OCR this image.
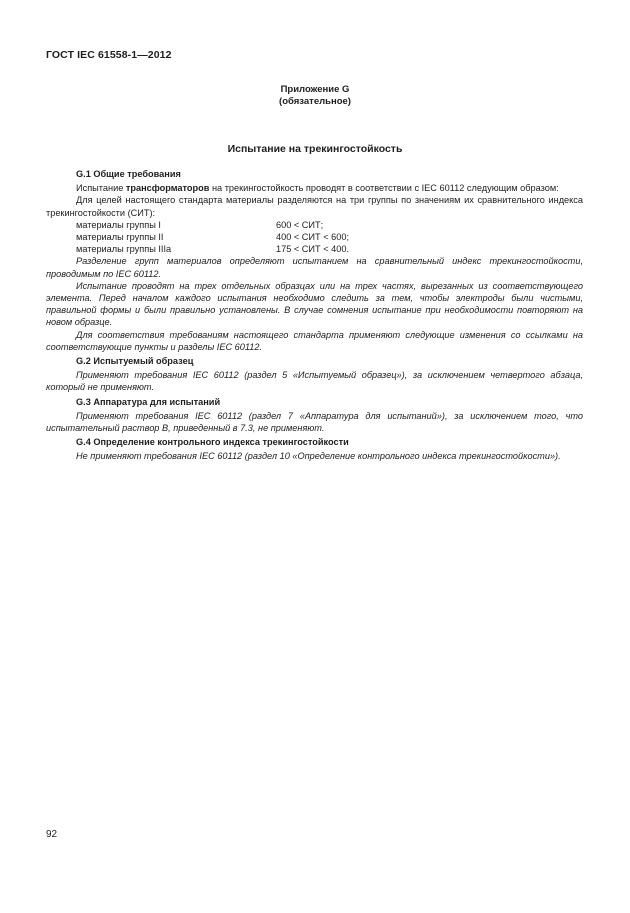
ГОСТ IEC 61558-1—2012
Приложение G
(обязательное)
Испытание на трекингостойкость
G.1 Общие требования

Испытание трансформаторов на трекингостойкость проводят в соответствии с IEC 60112 следующим образом:

Для целей настоящего стандарта материалы разделяются на три группы по значениям их сравнительного индекса трекингостойкости (СИТ):

материалы группы I	600 < СИТ;
материалы группы II	400 < СИТ < 600;
материалы группы IIIа	175 < СИТ < 400.

Разделение групп материалов определяют испытанием на сравнительный индекс трекингостойкости, проводимым по IEC 60112.

Испытание проводят на трех отдельных образцах или на трех частях, вырезанных из соответствующего элемента. Перед началом каждого испытания необходимо следить за тем, чтобы электроды были чистыми, правильной формы и были правильно установлены. В случае сомнения испытание при необходимости повторяют на новом образце.

Для соответствия требованиям настоящего стандарта применяют следующие изменения со ссылками на соответствующие пункты и разделы IEC 60112.

G.2 Испытуемый образец

Применяют требования IEC 60112 (раздел 5 «Испытуемый образец»), за исключением четвертого абзаца, который не применяют.

G.3 Аппаратура для испытаний

Применяют требования IEC 60112 (раздел 7 «Аппаратура для испытаний»), за исключением того, что испытательный раствор В, приведенный в 7.3, не применяют.

G.4 Определение контрольного индекса трекингостойкости

Не применяют требования IEC 60112 (раздел 10 «Определение контрольного индекса трекингостойкости»).

92
